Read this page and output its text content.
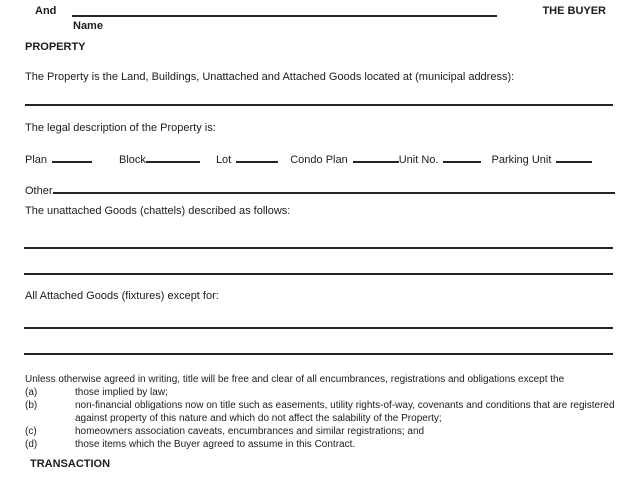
And	THE BUYER
Name
PROPERTY
The Property is the Land, Buildings, Unattached and Attached Goods located at (municipal address):
The legal description of the Property is:
Plan	Block	Lot	Condo Plan	Unit No.	Parking Unit
Other
The unattached Goods (chattels) described as follows:
All Attached Goods (fixtures) except for:
Unless otherwise agreed in writing, title will be free and clear of all encumbrances, registrations and obligations except the
(a)	those implied by law;
(b)	non-financial obligations now on title such as easements, utility rights-of-way, covenants and conditions that are registered against property of this nature and which do not affect the salability of the Property;
(c)	homeowners association caveats, encumbrances and similar registrations; and
(d)	those items which the Buyer agreed to assume in this Contract.
TRANSACTION
